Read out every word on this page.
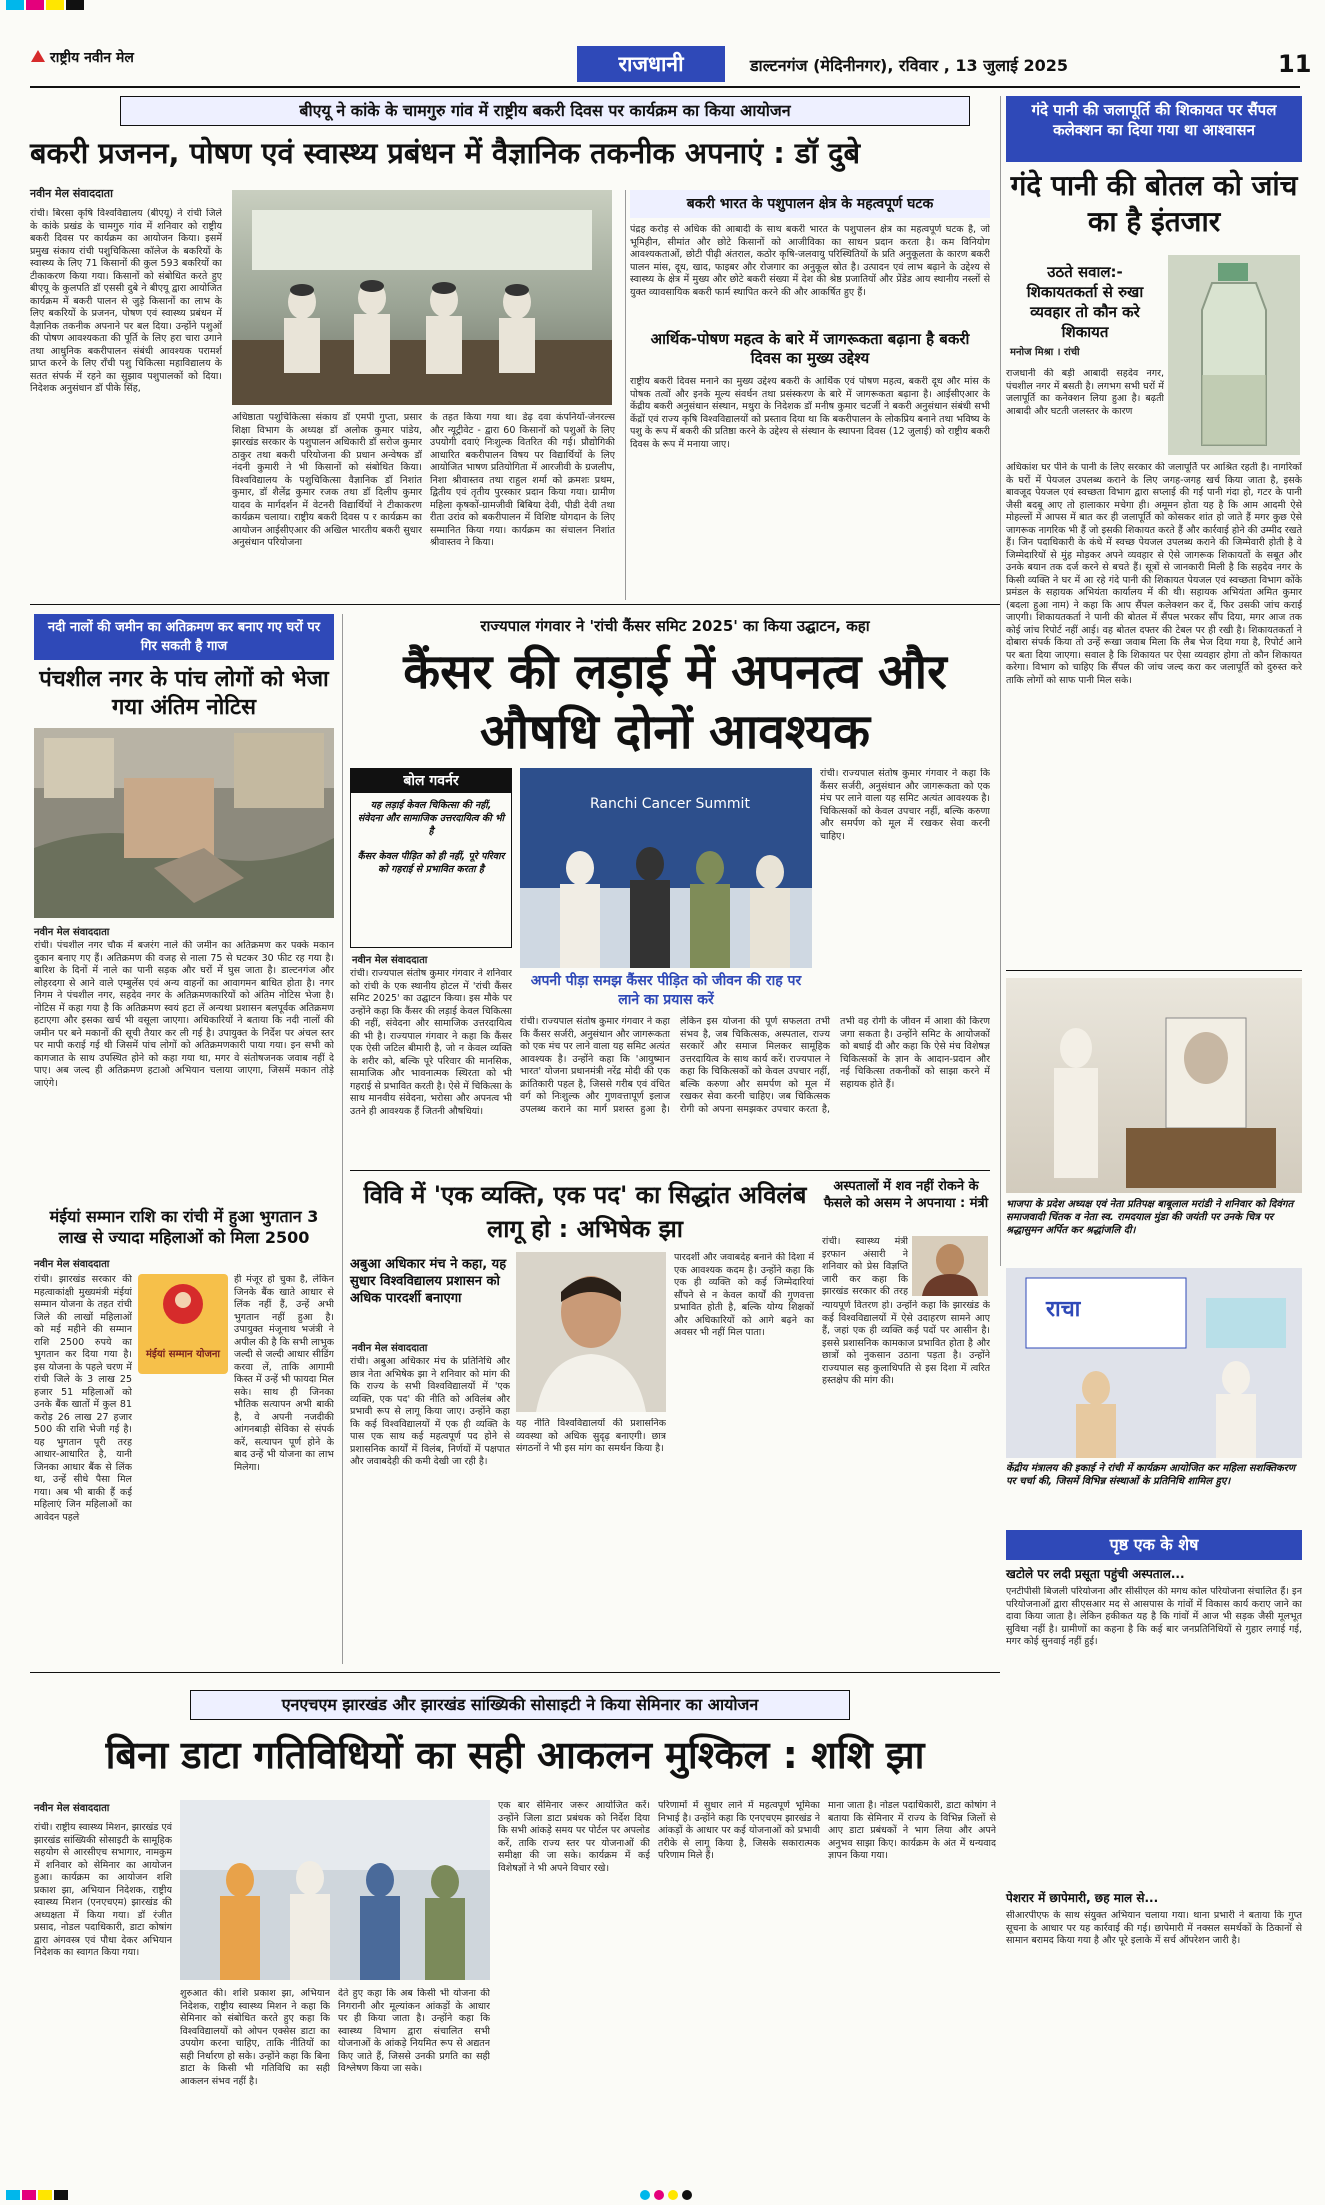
राष्ट्रीय नवीन मेल	राजधानी	डाल्टनगंज (मेदिनीनगर), रविवार , 13 जुलाई 2025	11
बीएयू ने कांके के चामगुरु गांव में राष्ट्रीय बकरी दिवस पर कार्यक्रम का किया आयोजन
बकरी प्रजनन, पोषण एवं स्वास्थ्य प्रबंधन में वैज्ञानिक तकनीक अपनाएं : डॉ दुबे
नवीन मेल संवाददाता
रांची। बिरसा कृषि विश्वविद्यालय (बीएयू) ने रांची जिले के कांके प्रखंड के चामगुरु गांव में शनिवार को राष्ट्रीय बकरी दिवस पर कार्यक्रम का आयोजन किया। इसमें प्रमुख संकाय रांची पशुचिकित्सा कॉलेज के बकरियों के स्वास्थ्य के लिए 71 किसानों की कुल 593 बकरियों का टीकाकरण किया गया। किसानों को संबोधित करते हुए बीएयू के कुलपति डॉ एससी दुबे ने बीएयू द्वारा आयोजित कार्यक्रम में बकरी पालन से जुड़े किसानों का लाभ के लिए बकरियों के प्रजनन, पोषण एवं स्वास्थ्य प्रबंधन में वैज्ञानिक तकनीक अपनाने पर बल दिया। उन्होंने पशुओं की पोषण आवश्यकता की पूर्ति के लिए हरा चारा उगाने तथा आधुनिक बकरीपालन संबंधी आवश्यक परामर्श प्राप्त करने के लिए राँची पशु चिकित्सा महाविद्यालय के सतत संपर्क में रहने का सुझाव पशुपालकों को दिया। निदेशक अनुसंधान डॉ पीके सिंह,
अधिष्ठाता पशुचिकित्सा संकाय डॉ एमपी गुप्ता, प्रसार शिक्षा विभाग के अध्यक्ष डॉ अलोक कुमार पांडेय, झारखंड सरकार के पशुपालन अधिकारी डॉ सरोज कुमार ठाकुर तथा बकरी परियोजना की प्रधान अन्वेषक डॉ नंदनी कुमारी ने भी किसानों को संबोधित किया। विश्वविद्यालय के पशुचिकित्सा वैज्ञानिक डॉ निशांत कुमार, डॉ शैलेंद्र कुमार रजक तथा डॉ दिलीप कुमार यादव के मार्गदर्शन में वेटनरी विद्यार्थियों ने टीकाकरण कार्यक्रम चलाया। राष्ट्रीय बकरी दिवस प र कार्यक्रम का आयोजन आईसीएआर की अखिल भारतीय बकरी सुधार अनुसंधान परियोजना
के तहत किया गया था। डेढ़ दवा कंपनियों-जेनरल्स और न्यूट्रीवेट - द्वारा 60 किसानों को पशुओं के लिए उपयोगी दवाएं निःशुल्क वितरित की गई। प्रौद्योगिकी आधारित बकरीपालन विषय पर विद्यार्थियों के लिए आयोजित भाषण प्रतियोगिता में आरजीवी के ग्रजलीप, निशा श्रीवास्तव तथा राहुल शर्मा को क्रमशः प्रथम, द्वितीय एवं तृतीय पुरस्कार प्रदान किया गया। ग्रामीण महिला कृषकों-ग्रामजीवी बिबिया देवी, पीडी देवी तथा रीता उरांव को बकरीपालन में विशिष्ट योगदान के लिए सम्मानित किया गया। कार्यक्रम का संचालन निशांत श्रीवास्तव ने किया।
बकरी भारत के पशुपालन क्षेत्र के महत्वपूर्ण घटक
पंद्रह करोड़ से अधिक की आबादी के साथ बकरी भारत के पशुपालन क्षेत्र का महत्वपूर्ण घटक है, जो भूमिहीन, सीमांत और छोटे किसानों को आजीविका का साधन प्रदान करता है। कम विनियोग आवश्यकताओं, छोटी पीढ़ी अंतराल, कठोर कृषि-जलवायु परिस्थितियों के प्रति अनुकूलता के कारण बकरी पालन मांस, दूध, खाद, फाइबर और रोजगार का अनुकूल स्रोत है। उत्पादन एवं लाभ बढ़ाने के उद्देश्य से स्वास्थ्य के क्षेत्र में मुख्य और छोटे बकरी संख्या में देश की श्रेष्ठ प्रजातियों और प्रेंडेड आय स्थानीय नस्लों से युक्त व्यावसायिक बकरी फार्म स्थापित करने की और आकर्षित हुए हैं।
आर्थिक-पोषण महत्व के बारे में जागरूकता बढ़ाना है बकरी दिवस का मुख्य उद्देश्य
राष्ट्रीय बकरी दिवस मनाने का मुख्य उद्देश्य बकरी के आर्थिक एवं पोषण महत्व, बकरी दूध और मांस के पोषक तत्वों और इनके मूल्य संवर्धन तथा प्रसंस्करण के बारे में जागरूकता बढ़ाना है। आईसीएआर के केंद्रीय बकरी अनुसंधान संस्थान, मथुरा के निदेशक डॉ मनीष कुमार चटर्जी ने बकरी अनुसंधान संबंधी सभी केंद्रों एवं राज्य कृषि विश्वविद्यालयों को प्रस्ताव दिया था कि बकरीपालन के लोकप्रिय बनाने तथा भविष्य के पशु के रूप में बकरी की प्रतिष्ठा करने के उद्देश्य से संस्थान के स्थापना दिवस (12 जुलाई) को राष्ट्रीय बकरी दिवस के रूप में मनाया जाए।
गंदे पानी की जलापूर्ति की शिकायत पर सैंपल कलेक्शन का दिया गया था आश्वासन
गंदे पानी की बोतल को जांच का है इंतजार
उठते सवाल:- शिकायतकर्ता से रुखा व्यवहार तो कौन करे शिकायत
मनोज मिश्रा । रांची
राजधानी की बड़ी आबादी सहदेव नगर, पंचशील नगर में बसती है। लगभग सभी घरों में जलापूर्ति का कनेक्शन लिया हुआ है। बढ़ती आबादी और घटती जलस्तर के कारण
अधिकांश घर पीने के पानी के लिए सरकार की जलापूर्ति पर आश्रित रहती है। नागरिकों के घरों में पेयजल उपलब्ध कराने के लिए जगह-जगह खर्च किया जाता है, इसके बावजूद पेयजल एवं स्वच्छता विभाग द्वारा सप्लाई की गई पानी गंदा हो, गटर के पानी जैसी बदबू आए तो हालाकार मचेगा ही। अमूमन होता यह है कि आम आदमी ऐसे मोहल्लों में आपस में बात कर ही जलापूर्ति को कोसकर शांत हो जाते हैं मगर कुछ ऐसे जागरूक नागरिक भी हैं जो इसकी शिकायत करते हैं और कार्रवाई होने की उम्मीद रखते हैं। जिन पदाधिकारी के कंधे में स्वच्छ पेयजल उपलब्ध कराने की जिम्मेवारी होती है वे जिम्मेदारियों से मुंह मोड़कर अपने व्यवहार से ऐसे जागरूक शिकायतों के सबूत और उनके बयान तक दर्ज करने से बचते हैं। सूत्रों से जानकारी मिली है कि सहदेव नगर के किसी व्यक्ति ने घर में आ रहे गंदे पानी की शिकायत पेयजल एवं स्वच्छता विभाग कोंके प्रमंडल के सहायक अभियंता कार्यालय में की थी। सहायक अभियंता अमित कुमार (बदला हुआ नाम) ने कहा कि आप सैंपल कलेक्शन कर दें, फिर उसकी जांच कराई जाएगी। शिकायतकर्ता ने पानी की बोतल में सैंपल भरकर सौंप दिया, मगर आज तक कोई जांच रिपोर्ट नहीं आई। वह बोतल दफ्तर की टेबल पर ही रखी है। शिकायतकर्ता ने दोबारा संपर्क किया तो उन्हें रूखा जवाब मिला कि लैब भेज दिया गया है, रिपोर्ट आने पर बता दिया जाएगा। सवाल है कि शिकायत पर ऐसा व्यवहार होगा तो कौन शिकायत करेगा। विभाग को चाहिए कि सैंपल की जांच जल्द करा कर जलापूर्ति को दुरुस्त करे ताकि लोगों को साफ पानी मिल सके।
भाजपा के प्रदेश अध्यक्ष एवं नेता प्रतिपक्ष बाबूलाल मरांडी ने शनिवार को दिवंगत समाजवादी चिंतक व नेता स्व. रामदयाल मुंडा की जयंती पर उनके चित्र पर श्रद्धासुमन अर्पित कर श्रद्धांजलि दी।
राचा
केंद्रीय मंत्रालय की इकाई ने रांची में कार्यक्रम आयोजित कर महिला सशक्तिकरण पर चर्चा की, जिसमें विभिन्न संस्थाओं के प्रतिनिधि शामिल हुए।
नदी नालों की जमीन का अतिक्रमण कर बनाए गए घरों पर गिर सकती है गाज
पंचशील नगर के पांच लोगों को भेजा गया अंतिम नोटिस
नवीन मेल संवाददाता
रांची। पंचशील नगर चौक में बजरंग नाले की जमीन का अतिक्रमण कर पक्के मकान दुकान बनाए गए हैं। अतिक्रमण की वजह से नाला 75 से घटकर 30 फीट रह गया है। बारिश के दिनों में नाले का पानी सड़क और घरों में घुस जाता है। डाल्टनगंज और लोहरदगा से आने वाले एम्बुलेंस एवं अन्य वाहनों का आवागमन बाधित होता है। नगर निगम ने पंचशील नगर, सहदेव नगर के अतिक्रमणकारियों को अंतिम नोटिस भेजा है। नोटिस में कहा गया है कि अतिक्रमण स्वयं हटा लें अन्यथा प्रशासन बलपूर्वक अतिक्रमण हटाएगा और इसका खर्च भी वसूला जाएगा। अधिकारियों ने बताया कि नदी नालों की जमीन पर बने मकानों की सूची तैयार कर ली गई है। उपायुक्त के निर्देश पर अंचल स्तर पर मापी कराई गई थी जिसमें पांच लोगों को अतिक्रमणकारी पाया गया। इन सभी को कागजात के साथ उपस्थित होने को कहा गया था, मगर वे संतोषजनक जवाब नहीं दे पाए। अब जल्द ही अतिक्रमण हटाओ अभियान चलाया जाएगा, जिसमें मकान तोड़े जाएंगे।
मंईयां सम्मान राशि का रांची में हुआ भुगतान 3 लाख से ज्यादा महिलाओं को मिला 2500
नवीन मेल संवाददाता
रांची। झारखंड सरकार की महत्वाकांक्षी मुख्यमंत्री मंईयां सम्मान योजना के तहत रांची जिले की लाखों महिलाओं को मई महीने की सम्मान राशि 2500 रुपये का भुगतान कर दिया गया है। इस योजना के पहले चरण में रांची जिले के 3 लाख 25 हजार 51 महिलाओं को उनके बैंक खातों में कुल 81 करोड़ 26 लाख 27 हजार 500 की राशि भेजी गई है। यह भुगतान पूरी तरह आधार-आधारित है, यानी जिनका आधार बैंक से लिंक था, उन्हें सीधे पैसा मिल गया। अब भी बाकी हैं कई महिलाएं जिन महिलाओं का आवेदन पहले
मंईयां सम्मान योजना
ही मंजूर हो चुका है, लेकिन जिनके बैंक खाते आधार से लिंक नहीं हैं, उन्हें अभी भुगतान नहीं हुआ है। उपायुक्त मंजूनाथ भजंत्री ने अपील की है कि सभी लाभुक जल्दी से जल्दी आधार सीडिंग करवा लें, ताकि आगामी किस्त में उन्हें भी फायदा मिल सके। साथ ही जिनका भौतिक सत्यापन अभी बाकी है, वे अपनी नजदीकी आंगनबाड़ी सेविका से संपर्क करें, सत्यापन पूर्ण होने के बाद उन्हें भी योजना का लाभ मिलेगा।
राज्यपाल गंगवार ने 'रांची कैंसर समिट 2025' का किया उद्घाटन, कहा
कैंसर की लड़ाई में अपनत्व और औषधि दोनों आवश्यक
बोल गवर्नर
यह लड़ाई केवल चिकित्सा की नहीं, संवेदना और सामाजिक उत्तरदायित्व की भी है
कैंसर केवल पीड़ित को ही नहीं, पूरे परिवार को गहराई से प्रभावित करता है
नवीन मेल संवाददाता
रांची। राज्यपाल संतोष कुमार गंगवार ने शनिवार को रांची के एक स्थानीय होटल में 'रांची कैंसर समिट 2025' का उद्घाटन किया। इस मौके पर उन्होंने कहा कि कैंसर की लड़ाई केवल चिकित्सा की नहीं, संवेदना और सामाजिक उत्तरदायित्व की भी है। राज्यपाल गंगवार ने कहा कि कैंसर एक ऐसी जटिल बीमारी है, जो न केवल व्यक्ति के शरीर को, बल्कि पूरे परिवार की मानसिक, सामाजिक और भावनात्मक स्थिरता को भी गहराई से प्रभावित करती है। ऐसे में चिकित्सा के साथ मानवीय संवेदना, भरोसा और अपनत्व भी उतने ही आवश्यक हैं जितनी औषधियां।
Ranchi Cancer Summit
अपनी पीड़ा समझ कैंसर पीड़ित को जीवन की राह पर लाने का प्रयास करें
रांची। राज्यपाल संतोष कुमार गंगवार ने कहा कि कैंसर सर्जरी, अनुसंधान और जागरूकता को एक मंच पर लाने वाला यह समिट अत्यंत आवश्यक है। उन्होंने कहा कि 'आयुष्मान भारत' योजना प्रधानमंत्री नरेंद्र मोदी की एक क्रांतिकारी पहल है, जिससे गरीब एवं वंचित वर्ग को निःशुल्क और गुणवत्तापूर्ण इलाज उपलब्ध कराने का मार्ग प्रशस्त हुआ है। लेकिन इस योजना की पूर्ण सफलता तभी संभव है, जब चिकित्सक, अस्पताल, राज्य सरकारें और समाज मिलकर सामूहिक उत्तरदायित्व के साथ कार्य करें। राज्यपाल ने कहा कि चिकित्सकों को केवल उपचार नहीं, बल्कि करुणा और समर्पण को मूल में रखकर सेवा करनी चाहिए। जब चिकित्सक रोगी को अपना समझकर उपचार करता है, तभी वह रोगी के जीवन में आशा की किरण जगा सकता है। उन्होंने समिट के आयोजकों को बधाई दी और कहा कि ऐसे मंच विशेषज्ञ चिकित्सकों के ज्ञान के आदान-प्रदान और नई चिकित्सा तकनीकों को साझा करने में सहायक होते हैं।
रांची। राज्यपाल संतोष कुमार गंगवार ने कहा कि कैंसर सर्जरी, अनुसंधान और जागरूकता को एक मंच पर लाने वाला यह समिट अत्यंत आवश्यक है। चिकित्सकों को केवल उपचार नहीं, बल्कि करुणा और समर्पण को मूल में रखकर सेवा करनी चाहिए।
विवि में 'एक व्यक्ति, एक पद' का सिद्धांत अविलंब लागू हो : अभिषेक झा
अबुआ अधिकार मंच ने कहा, यह सुधार विश्वविद्यालय प्रशासन को अधिक पारदर्शी बनाएगा
नवीन मेल संवाददाता
रांची। अबुआ अधिकार मंच के प्रतिनिधि और छात्र नेता अभिषेक झा ने शनिवार को मांग की कि राज्य के सभी विश्वविद्यालयों में 'एक व्यक्ति, एक पद' की नीति को अविलंब और प्रभावी रूप से लागू किया जाए। उन्होंने कहा कि कई विश्वविद्यालयों में एक ही व्यक्ति के पास एक साथ कई महत्वपूर्ण पद होने से प्रशासनिक कार्यों में विलंब, निर्णयों में पक्षपात और जवाबदेही की कमी देखी जा रही है।
यह नीति विश्वविद्यालयों की प्रशासनिक व्यवस्था को अधिक सुदृढ़ बनाएगी। छात्र संगठनों ने भी इस मांग का समर्थन किया है।
पारदर्शी और जवाबदेह बनाने की दिशा में एक आवश्यक कदम है। उन्होंने कहा कि एक ही व्यक्ति को कई जिम्मेदारियां सौंपने से न केवल कार्यों की गुणवत्ता प्रभावित होती है, बल्कि योग्य शिक्षकों और अधिकारियों को आगे बढ़ने का अवसर भी नहीं मिल पाता।
न्यायपूर्ण वितरण हो। उन्होंने कहा कि झारखंड के कई विश्वविद्यालयों में ऐसे उदाहरण सामने आए हैं, जहां एक ही व्यक्ति कई पदों पर आसीन है। इससे प्रशासनिक कामकाज प्रभावित होता है और छात्रों को नुकसान उठाना पड़ता है। उन्होंने राज्यपाल सह कुलाधिपति से इस दिशा में त्वरित हस्तक्षेप की मांग की।
अस्पतालों में शव नहीं रोकने के फैसले को असम ने अपनाया : मंत्री
रांची। स्वास्थ्य मंत्री इरफान अंसारी ने शनिवार को प्रेस विज्ञप्ति जारी कर कहा कि झारखंड सरकार की तरह
एनएचएम झारखंड और झारखंड सांख्यिकी सोसाइटी ने किया सेमिनार का आयोजन
बिना डाटा गतिविधियों का सही आकलन मुश्किल : शशि झा
नवीन मेल संवाददाता
रांची। राष्ट्रीय स्वास्थ्य मिशन, झारखंड एवं झारखंड सांख्यिकी सोसाइटी के सामूहिक सहयोग से आरसीएच सभागार, नामकुम में शनिवार को सेमिनार का आयोजन हुआ। कार्यक्रम का आयोजन शशि प्रकाश झा, अभियान निदेशक, राष्ट्रीय स्वास्थ्य मिशन (एनएचएम) झारखंड की अध्यक्षता में किया गया। डॉ रंजीत प्रसाद, नोडल पदाधिकारी, डाटा कोषांग द्वारा अंगवस्त्र एवं पौधा देकर अभियान निदेशक का स्वागत किया गया।
शुरुआत की। शशि प्रकाश झा, अभियान निदेशक, राष्ट्रीय स्वास्थ्य मिशन ने कहा कि सेमिनार को संबोधित करते हुए कहा कि विश्वविद्यालयों को ओपन एक्सेस डाटा का उपयोग करना चाहिए, ताकि नीतियों का सही निर्धारण हो सके। उन्होंने कहा कि बिना डाटा के किसी भी गतिविधि का सही आकलन संभव नहीं है।
देते हुए कहा कि अब किसी भी योजना की निगरानी और मूल्यांकन आंकड़ों के आधार पर ही किया जाता है। उन्होंने कहा कि स्वास्थ्य विभाग द्वारा संचालित सभी योजनाओं के आंकड़े नियमित रूप से अद्यतन किए जाते हैं, जिससे उनकी प्रगति का सही विश्लेषण किया जा सके।
एक बार सेमिनार जरूर आयोजित करें। उन्होंने जिला डाटा प्रबंधक को निर्देश दिया कि सभी आंकड़े समय पर पोर्टल पर अपलोड करें, ताकि राज्य स्तर पर योजनाओं की समीक्षा की जा सके। कार्यक्रम में कई विशेषज्ञों ने भी अपने विचार रखे।
परिणामों में सुधार लाने में महत्वपूर्ण भूमिका निभाई है। उन्होंने कहा कि एनएचएम झारखंड ने आंकड़ों के आधार पर कई योजनाओं को प्रभावी तरीके से लागू किया है, जिसके सकारात्मक परिणाम मिले हैं।
माना जाता है। नोडल पदाधिकारी, डाटा कोषांग ने बताया कि सेमिनार में राज्य के विभिन्न जिलों से आए डाटा प्रबंधकों ने भाग लिया और अपने अनुभव साझा किए। कार्यक्रम के अंत में धन्यवाद ज्ञापन किया गया।
पृष्ठ एक के शेष
खटोले पर लदी प्रसूता पहुंची अस्पताल...
एनटीपीसी बिजली परियोजना और सीसीएल की मगध कोल परियोजना संचालित हैं। इन परियोजनाओं द्वारा सीएसआर मद से आसपास के गांवों में विकास कार्य कराए जाने का दावा किया जाता है। लेकिन हकीकत यह है कि गांवों में आज भी सड़क जैसी मूलभूत सुविधा नहीं है। ग्रामीणों का कहना है कि कई बार जनप्रतिनिधियों से गुहार लगाई गई, मगर कोई सुनवाई नहीं हुई।
पेशरार में छापेमारी, छह माल से...
सीआरपीएफ के साथ संयुक्त अभियान चलाया गया। थाना प्रभारी ने बताया कि गुप्त सूचना के आधार पर यह कार्रवाई की गई। छापेमारी में नक्सल समर्थकों के ठिकानों से सामान बरामद किया गया है और पूरे इलाके में सर्च ऑपरेशन जारी है।
